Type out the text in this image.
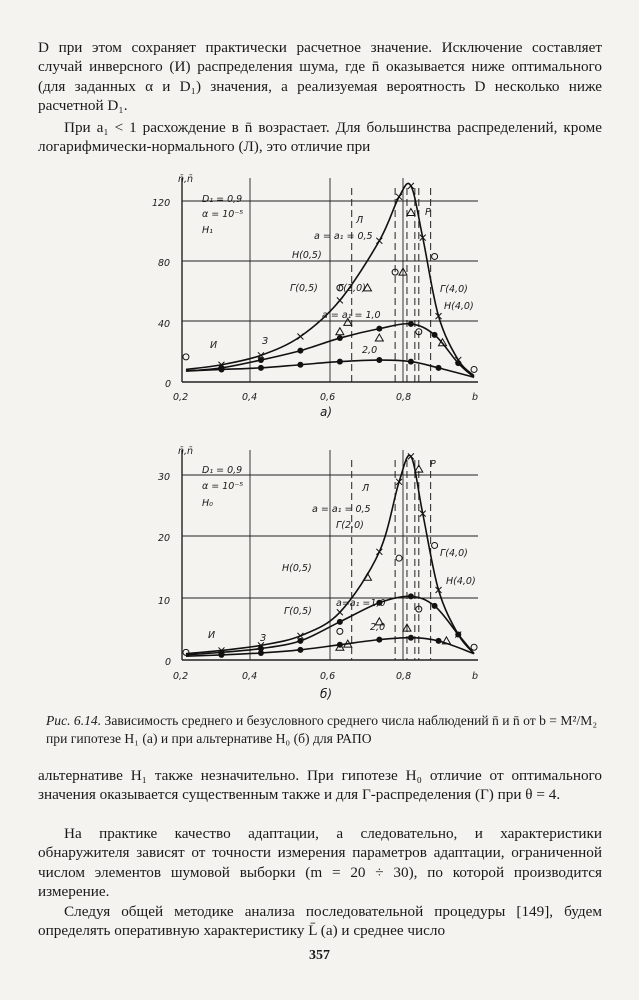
D при этом сохраняет практически расчетное значение. Исключение составляет случай инверсного (И) распределения шума, где n̄ оказывается ниже оптимального (для заданных α и D₁) значения, а реализуемая вероятность D несколько ниже расчетной D₁.

При a₁ < 1 расхождение в n̄ возрастает. Для большинства распределений, кроме логарифмически-нормального (Л), это отличие при

n̄,n̄
D₁ = 0,9
α = 10⁻⁵
H₁
0
40
80
120
0,2	0,4	0,6	0,8	b
а)
И	З
Н(0,5)
Г(0,5) Г(2,0)
a = a₁ = 0,5
Л
Р
a = a₁ = 1,0
2,0
Г(4,0)
Н(4,0)
n̄,n̄
D₁ = 0,9
α = 10⁻⁵
H₀
0
10
20
30
0,2	0,4	0,6	0,8	b
б)
И	З
Н(0,5)
Г(0,5)
Г(2,0)
a = a₁ = 0,5
Л
Р
a=a₁ =1,0
2,0
Г(4,0)
Н(4,0)

Рис. 6.14. Зависимость среднего и безусловного среднего числа наблюдений n̄ и n̄ от b = M²/M₂ при гипотезе H₁ (a) и при альтернативе H₀ (б) для РАПО

альтернативе H₁ также незначительно. При гипотезе H₀ отличие от оптимального значения оказывается существенным также и для Г-распределения (Г) при θ = 4.

На практике качество адаптации, а следовательно, и характеристики обнаружителя зависят от точности измерения параметров адаптации, ограниченной числом элементов шумовой выборки (m = 20 ÷ 30), по которой производится измерение.

Следуя общей методике анализа последовательной процедуры [149], будем определять оперативную характеристику L̄ (a) и среднее число

357
